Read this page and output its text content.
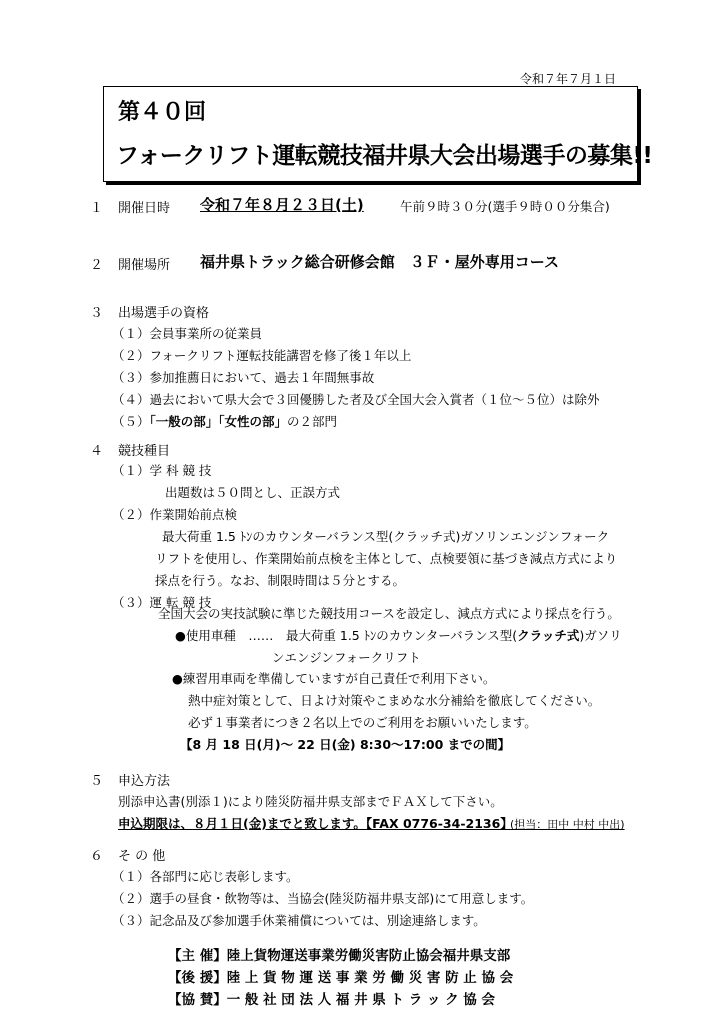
令和７年７月１日
第４０回
フォークリフト運転競技福井県大会出場選手の募集!!
１ 開催日時 令和７年８月２３日(土)	午前９時３０分(選手９時００分集合)
２ 開催場所 福井県トラック総合研修会館　３Ｆ・屋外専用コース
３ 出場選手の資格
（１）会員事業所の従業員
（２）フォークリフト運転技能講習を修了後１年以上
（３）参加推薦日において、過去１年間無事故
（４）過去において県大会で３回優勝した者及び全国大会入賞者（１位～５位）は除外
（５）「一般の部」「女性の部」の２部門
４ 競技種目
（１）学 科 競 技
出題数は５０問とし、正誤方式
（２）作業開始前点検
最大荷重 1.5 ﾄﾝのカウンターバランス型(クラッチ式)ガソリンエンジンフォーク
リフトを使用し、作業開始前点検を主体として、点検要領に基づき減点方式により
採点を行う。なお、制限時間は５分とする。
（３）運 転 競 技
全国大会の実技試験に準じた競技用コースを設定し、減点方式により採点を行う。
●使用車種　……　最大荷重 1.5 ﾄﾝのカウンターバランス型(クラッチ式)ガソリ
ンエンジンフォークリフト
●練習用車両を準備していますが自己責任で利用下さい。
熱中症対策として、日よけ対策やこまめな水分補給を徹底してください。
必ず１事業者につき２名以上でのご利用をお願いいたします。
【8 月 18 日(月)～ 22 日(金) 8:30～17:00 までの間】
５ 申込方法
別添申込書(別添１)により陸災防福井県支部までＦＡＸして下さい。
申込期限は、８月１日(金)までと致します。【FAX 0776-34-2136】
(担当：田中 中村 中出)
６ そ の 他
（１）各部門に応じ表彰します。
（２）選手の昼食・飲物等は、当協会(陸災防福井県支部)にて用意します。
（３）記念品及び参加選手休業補償については、別途連絡します。
【主 催】陸上貨物運送事業労働災害防止協会福井県支部
【後 援】陸 上 貨 物 運 送 事 業 労 働 災 害 防 止 協 会
【協 賛】一 般 社 団 法 人 福 井 県 ト ラ ッ ク 協 会
